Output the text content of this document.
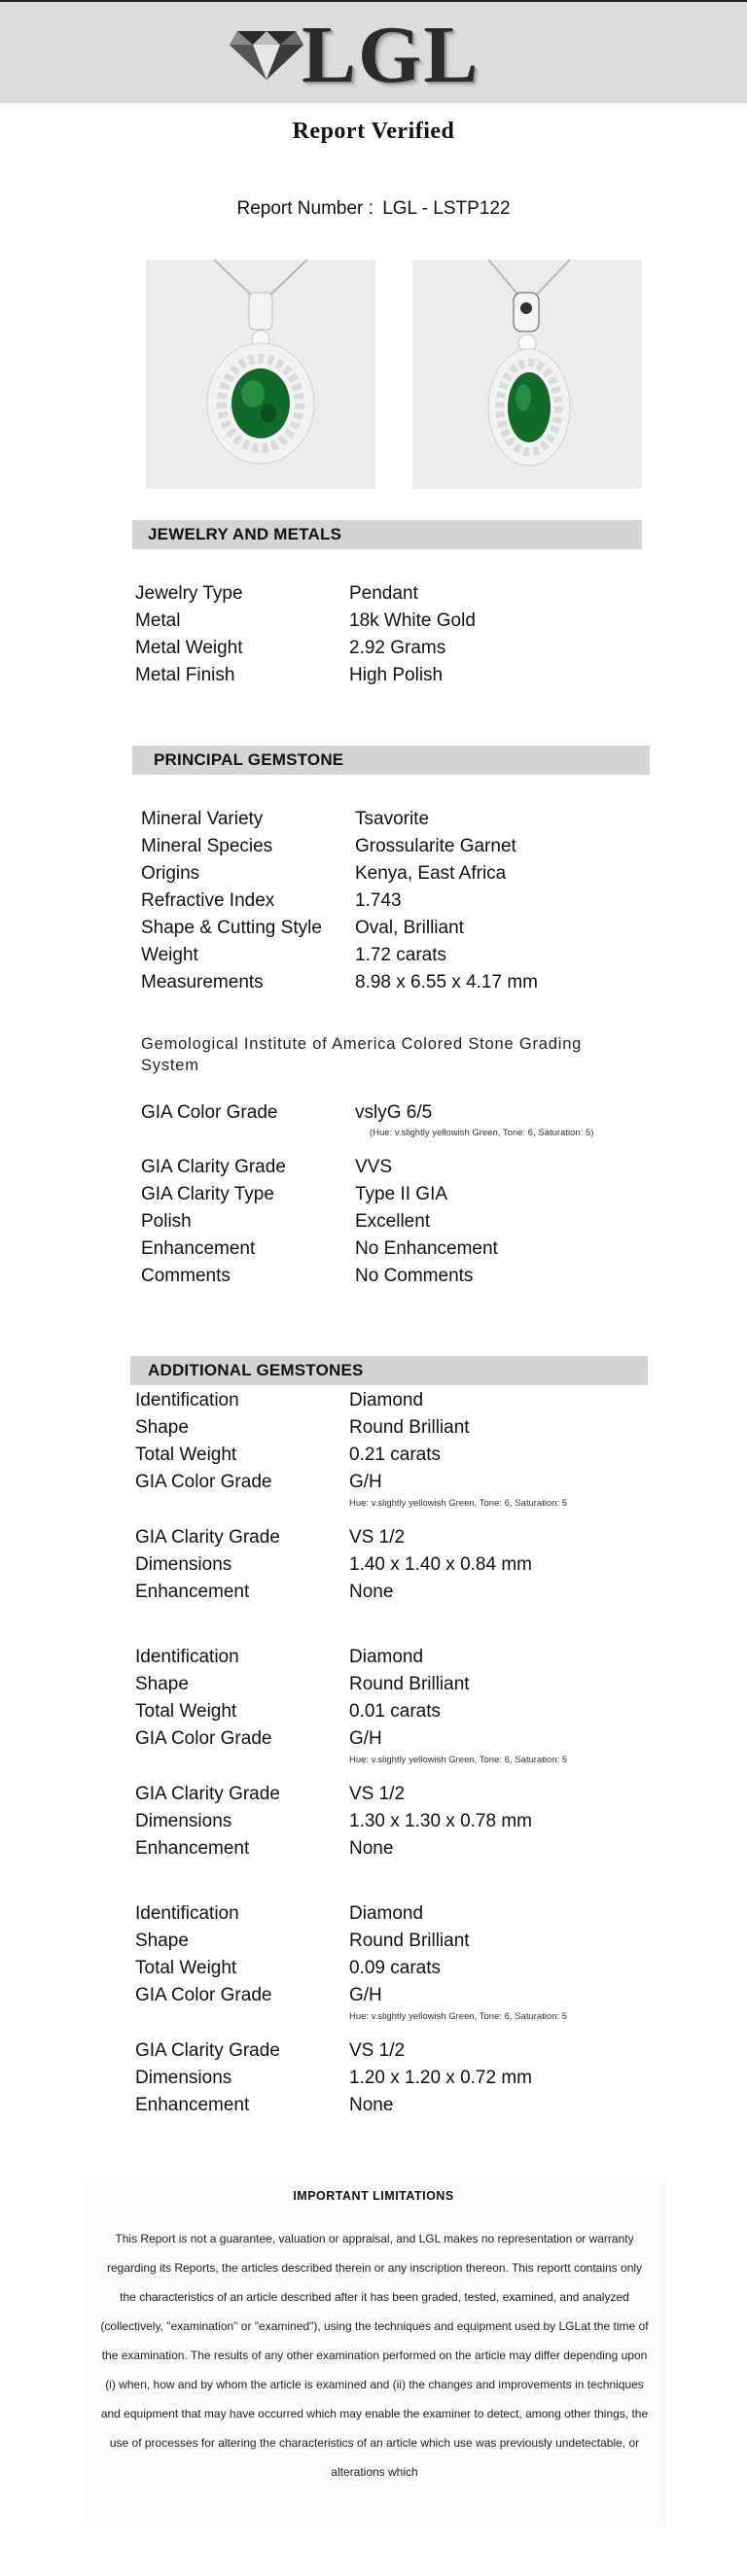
LGL
Report Verified
Report Number : LGL - LSTP122
JEWELRY AND METALS
Jewelry Type	Pendant
Metal	18k White Gold
Metal Weight	2.92 Grams
Metal Finish	High Polish
PRINCIPAL GEMSTONE
Mineral Variety	Tsavorite
Mineral Species	Grossularite Garnet
Origins	Kenya, East Africa
Refractive Index	1.743
Shape & Cutting Style	Oval, Brilliant
Weight	1.72 carats
Measurements	8.98 x 6.55 x 4.17 mm
Gemological Institute of America Colored Stone Grading System
GIA Color Grade	vslyG 6/5
(Hue: v.slightly yellowish Green, Tone: 6, Saturation: 5)
GIA Clarity Grade	VVS
GIA Clarity Type	Type II GIA
Polish	Excellent
Enhancement	No Enhancement
Comments	No Comments
ADDITIONAL GEMSTONES
Identification	Diamond
Shape	Round Brilliant
Total Weight	0.21 carats
GIA Color Grade	G/H
Hue: v.slightly yellowish Green, Tone: 6, Saturation: 5
GIA Clarity Grade	VS 1/2
Dimensions	1.40 x 1.40 x 0.84 mm
Enhancement	None
Identification	Diamond
Shape	Round Brilliant
Total Weight	0.01 carats
GIA Color Grade	G/H
Hue: v.slightly yellowish Green, Tone: 6, Saturation: 5
GIA Clarity Grade	VS 1/2
Dimensions	1.30 x 1.30 x 0.78 mm
Enhancement	None
Identification	Diamond
Shape	Round Brilliant
Total Weight	0.09 carats
GIA Color Grade	G/H
Hue: v.slightly yellowish Green, Tone: 6, Saturation: 5
GIA Clarity Grade	VS 1/2
Dimensions	1.20 x 1.20 x 0.72 mm
Enhancement	None
IMPORTANT LIMITATIONS
This Report is not a guarantee, valuation or appraisal, and LGL makes no representation or warranty regarding its Reports, the articles described therein or any inscription thereon. This reportt contains only the characteristics of an article described after it has been graded, tested, examined, and analyzed (collectively, "examination" or "examined"), using the techniques and equipment used by LGLat the time of the examination. The results of any other examination performed on the article may differ depending upon (i) when, how and by whom the article is examined and (ii) the changes and improvements in techniques and equipment that may have occurred which may enable the examiner to detect, among other things, the use of processes for altering the characteristics of an article which use was previously undetectable, or alterations which
